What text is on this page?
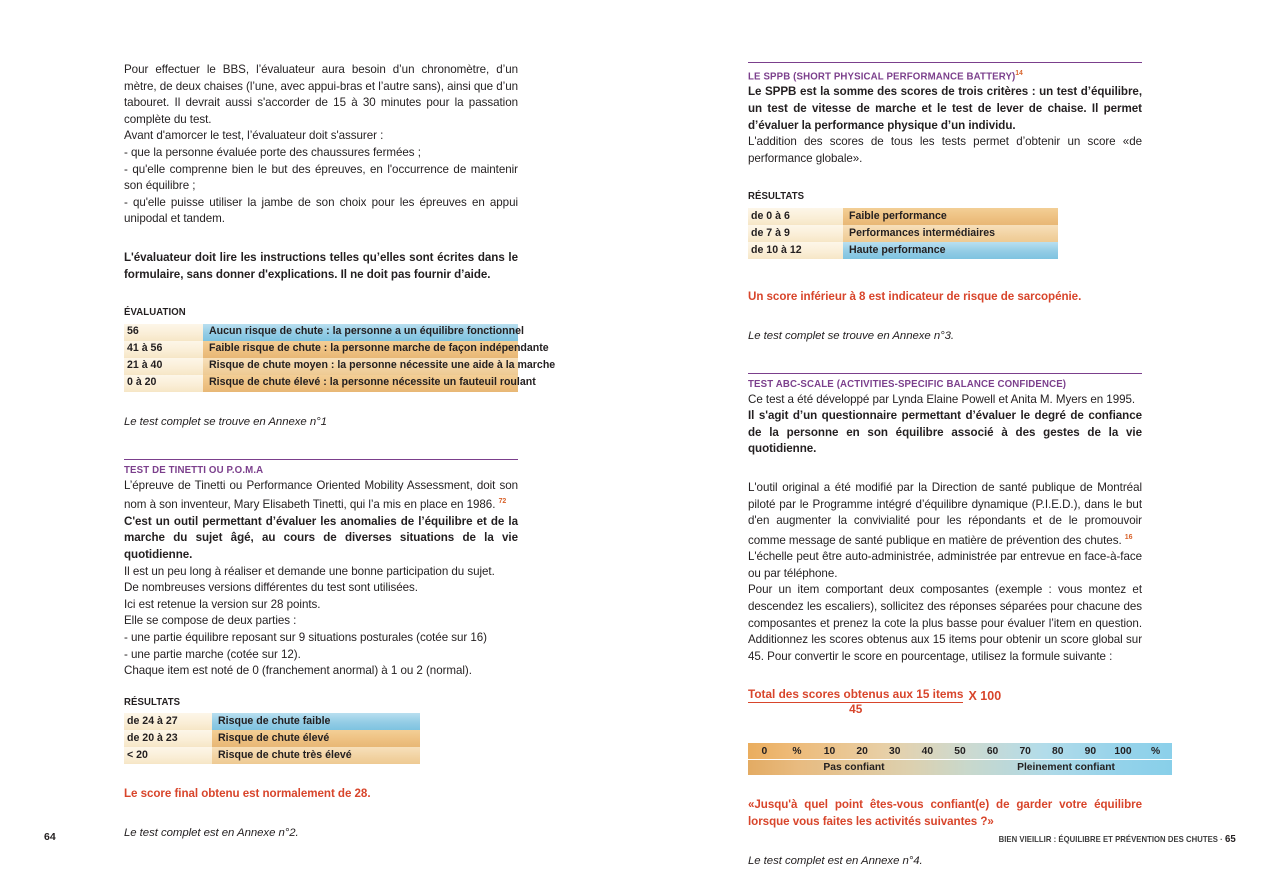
Pour effectuer le BBS, l’évaluateur aura besoin d’un chronomètre, d’un mètre, de deux chaises (l’une, avec appui-bras et l’autre sans), ainsi que d’un tabouret. Il devrait aussi s'accorder de 15 à 30 minutes pour la passation complète du test.

Avant d'amorcer le test, l’évaluateur doit s'assurer :

- que la personne évaluée porte des chaussures fermées ;

- qu'elle comprenne bien le but des épreuves, en l'occurrence de maintenir son équilibre ;

- qu'elle puisse utiliser la jambe de son choix pour les épreuves en appui unipodal et tandem.

L'évaluateur doit lire les instructions telles qu’elles sont écrites dans le formulaire, sans donner d'explications. Il ne doit pas fournir d’aide.

ÉVALUATION

56	Aucun risque de chute : la personne a un équilibre fonctionnel
41 à 56	Faible risque de chute : la personne marche de façon indépendante
21 à 40	Risque de chute moyen : la personne nécessite une aide à la marche
0 à 20	Risque de chute élevé : la personne nécessite un fauteuil roulant

Le test complet se trouve en Annexe n°1

TEST DE TINETTI OU P.O.M.A

L’épreuve de Tinetti ou Performance Oriented Mobility Assessment, doit son nom à son inventeur, Mary Elisabeth Tinetti, qui l’a mis en place en 1986. $^{72}$

C'est un outil permettant d’évaluer les anomalies de l’équilibre et de la marche du sujet âgé, au cours de diverses situations de la vie quotidienne.

Il est un peu long à réaliser et demande une bonne participation du sujet.

De nombreuses versions différentes du test sont utilisées.

Ici est retenue la version sur 28 points.

Elle se compose de deux parties :

- une partie équilibre reposant sur 9 situations posturales (cotée sur 16)

- une partie marche (cotée sur 12).

Chaque item est noté de 0 (franchement anormal) à 1 ou 2 (normal).

RÉSULTATS

de 24 à 27	Risque de chute faible
de 20 à 23	Risque de chute élevé
< 20	Risque de chute très élevé

Le score final obtenu est normalement de 28.

Le test complet est en Annexe n°2.

LE SPPB (SHORT PHYSICAL PERFORMANCE BATTERY)$^{14}$

Le SPPB est la somme des scores de trois critères : un test d’équilibre, un test de vitesse de marche et le test de lever de chaise. Il permet d’évaluer la performance physique d’un individu.

L'addition des scores de tous les tests permet d’obtenir un score «de performance globale».

RÉSULTATS

de 0 à 6	Faible performance
de 7 à 9	Performances intermédiaires
de 10 à 12	Haute performance

Un score inférieur à 8 est indicateur de risque de sarcopénie.

Le test complet se trouve en Annexe n°3.

TEST ABC-SCALE (ACTIVITIES-SPECIFIC BALANCE CONFIDENCE)

Ce test a été développé par Lynda Elaine Powell et Anita M. Myers en 1995.

Il s'agit d’un questionnaire permettant d’évaluer le degré de confiance de la personne en son équilibre associé à des gestes de la vie quotidienne.

L'outil original a été modifié par la Direction de santé publique de Montréal piloté par le Programme intégré d’équilibre dynamique (P.I.E.D.), dans le but d'en augmenter la convivialité pour les répondants et de le promouvoir comme message de santé publique en matière de prévention des chutes. $^{16}$

L'échelle peut être auto-administrée, administrée par entrevue en face-à-face ou par téléphone.

Pour un item comportant deux composantes (exemple : vous montez et descendez les escaliers), sollicitez des réponses séparées pour chacune des composantes et prenez la cote la plus basse pour évaluer l’item en question. Additionnez les scores obtenus aux 15 items pour obtenir un score global sur 45. Pour convertir le score en pourcentage, utilisez la formule suivante :

$\frac{\text{Total des scores obtenus aux 15 items}}{45}$ X 100
0	%	10	20	30	40	50	60	70	80	90	100	%
Pas confiant	Pleinement confiant

«Jusqu'à quel point êtes-vous confiant(e) de garder votre équilibre lorsque vous faites les activités suivantes ?»

Le test complet est en Annexe n°4.

64	BIEN VIEILLIR : ÉQUILIBRE ET PRÉVENTION DES CHUTES · 65
